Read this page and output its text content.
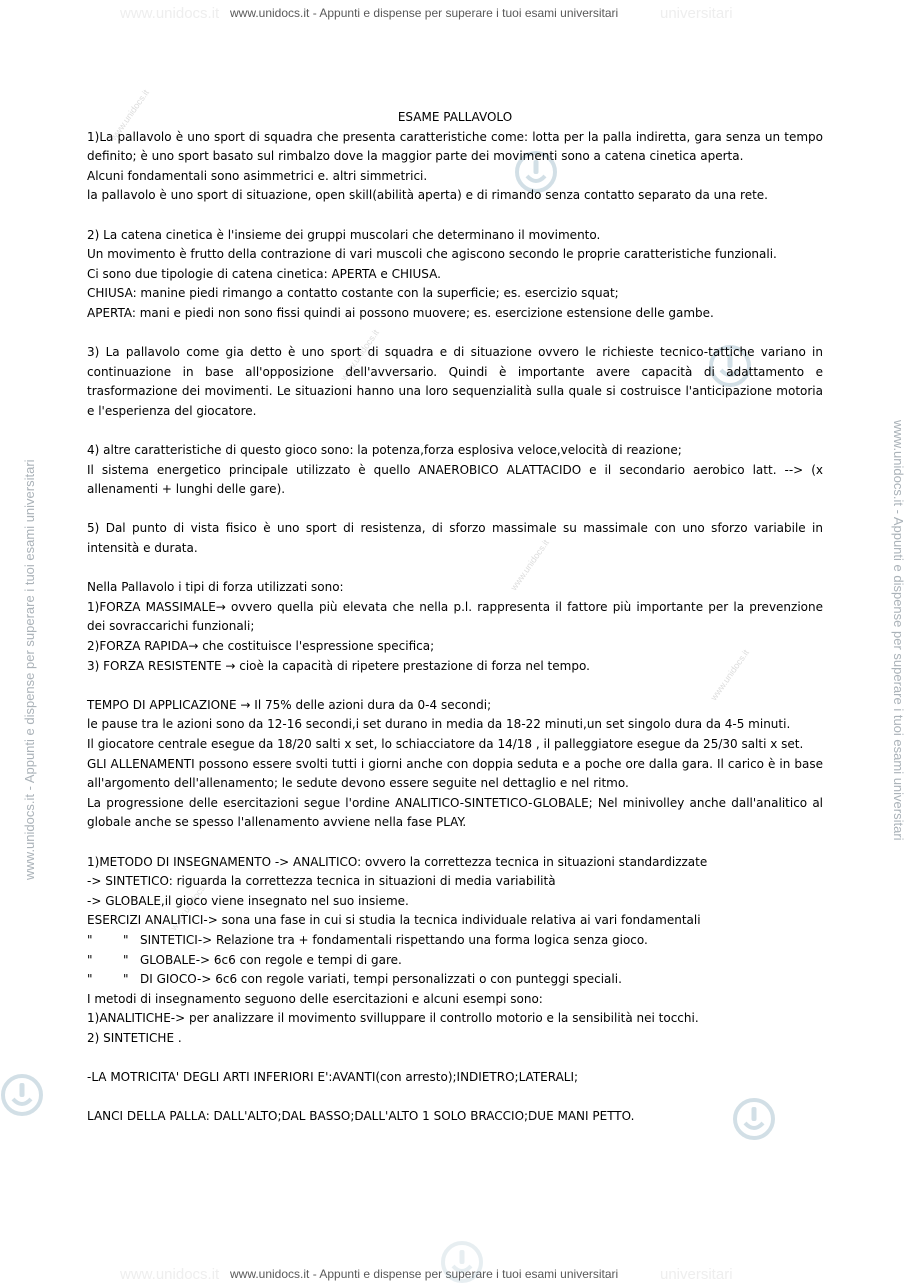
www.unidocs.it www.unidocs.it - Appunti e dispense per superare i tuoi esami universitari	universitari
www.unidocs.it www.unidocs.it - Appunti e dispense per superare i tuoi esami universitari	universitari
www.unidocs.it - Appunti e dispense per superare i tuoi esami universitari	www.unidocs.it - Appunti e dispense per superare i tuoi esami universitari
www.unidocs.it
www.unidocs.it
www.unidocs.it
www.unidocs.it
www.unidocs.it

ESAME PALLAVOLO

1)La pallavolo è uno sport di squadra che presenta caratteristiche come: lotta per la palla indiretta, gara senza un tempo definito; è uno sport basato sul rimbalzo dove la maggior parte dei movimenti sono a catena cinetica aperta.

Alcuni fondamentali sono asimmetrici e. altri simmetrici.

la pallavolo è uno sport di situazione, open skill(abilità aperta) e di rimando senza contatto separato da una rete.

2) La catena cinetica è l'insieme dei gruppi muscolari che determinano il movimento.

Un movimento è frutto della contrazione di vari muscoli che agiscono secondo le proprie caratteristiche funzionali.

Ci sono due tipologie di catena cinetica: APERTA e CHIUSA.

CHIUSA: manine piedi rimango a contatto costante con la superficie; es. esercizio squat;

APERTA: mani e piedi non sono fissi quindi ai possono muovere; es. esercizione estensione delle gambe.

3) La pallavolo come gia detto è uno sport di squadra e di situazione ovvero le richieste tecnico-tattiche variano in continuazione in base all'opposizione dell'avversario. Quindi è importante avere capacità di adattamento e trasformazione dei movimenti. Le situazioni hanno una loro sequenzialità sulla quale si costruisce l'anticipazione motoria e l'esperienza del giocatore.

4) altre caratteristiche di questo gioco sono: la potenza,forza esplosiva veloce,velocità di reazione;

Il sistema energetico principale utilizzato è quello ANAEROBICO ALATTACIDO e il secondario aerobico latt. --> (x allenamenti + lunghi delle gare).

5) Dal punto di vista fisico è uno sport di resistenza, di sforzo massimale su massimale con uno sforzo variabile in intensità e durata.

Nella Pallavolo i tipi di forza utilizzati sono:

1)FORZA MASSIMALE→ ovvero quella più elevata che nella p.l. rappresenta il fattore più importante per la prevenzione dei sovraccarichi funzionali;

2)FORZA RAPIDA→ che costituisce l'espressione specifica;

3) FORZA RESISTENTE → cioè la capacità di ripetere prestazione di forza nel tempo.

TEMPO DI APPLICAZIONE → Il 75% delle azioni dura da 0-4 secondi;

le pause tra le azioni sono da 12-16 secondi,i set durano in media da 18-22 minuti,un set singolo dura da 4-5 minuti.

Il giocatore centrale esegue da 18/20 salti x set, lo schiacciatore da 14/18 , il palleggiatore esegue da 25/30 salti x set.

GLI ALLENAMENTI possono essere svolti tutti i giorni anche con doppia seduta e a poche ore dalla gara. Il carico è in base all'argomento dell'allenamento; le sedute devono essere seguite nel dettaglio e nel ritmo.

La progressione delle esercitazioni segue l'ordine ANALITICO-SINTETICO-GLOBALE; Nel minivolley anche dall'analitico al globale anche se spesso l'allenamento avviene nella fase PLAY.

1)METODO DI INSEGNAMENTO -> ANALITICO: ovvero la correttezza tecnica in situazioni standardizzate

-> SINTETICO: riguarda la correttezza tecnica in situazioni di media variabilità

-> GLOBALE,il gioco viene insegnato nel suo insieme.

ESERCIZI ANALITICI-> sona una fase in cui si studia la tecnica individuale relativa ai vari fondamentali

"        "   SINTETICI-> Relazione tra + fondamentali rispettando una forma logica senza gioco.

"        "   GLOBALE-> 6c6 con regole e tempi di gare.

"        "   DI GIOCO-> 6c6 con regole variati, tempi personalizzati o con punteggi speciali.

I metodi di insegnamento seguono delle esercitazioni e alcuni esempi sono:

1)ANALITICHE-> per analizzare il movimento svilluppare il controllo motorio e la sensibilità nei tocchi.

2) SINTETICHE .

-LA MOTRICITA' DEGLI ARTI INFERIORI E':AVANTI(con arresto);INDIETRO;LATERALI;

LANCI DELLA PALLA: DALL'ALTO;DAL BASSO;DALL'ALTO 1 SOLO BRACCIO;DUE MANI PETTO.
